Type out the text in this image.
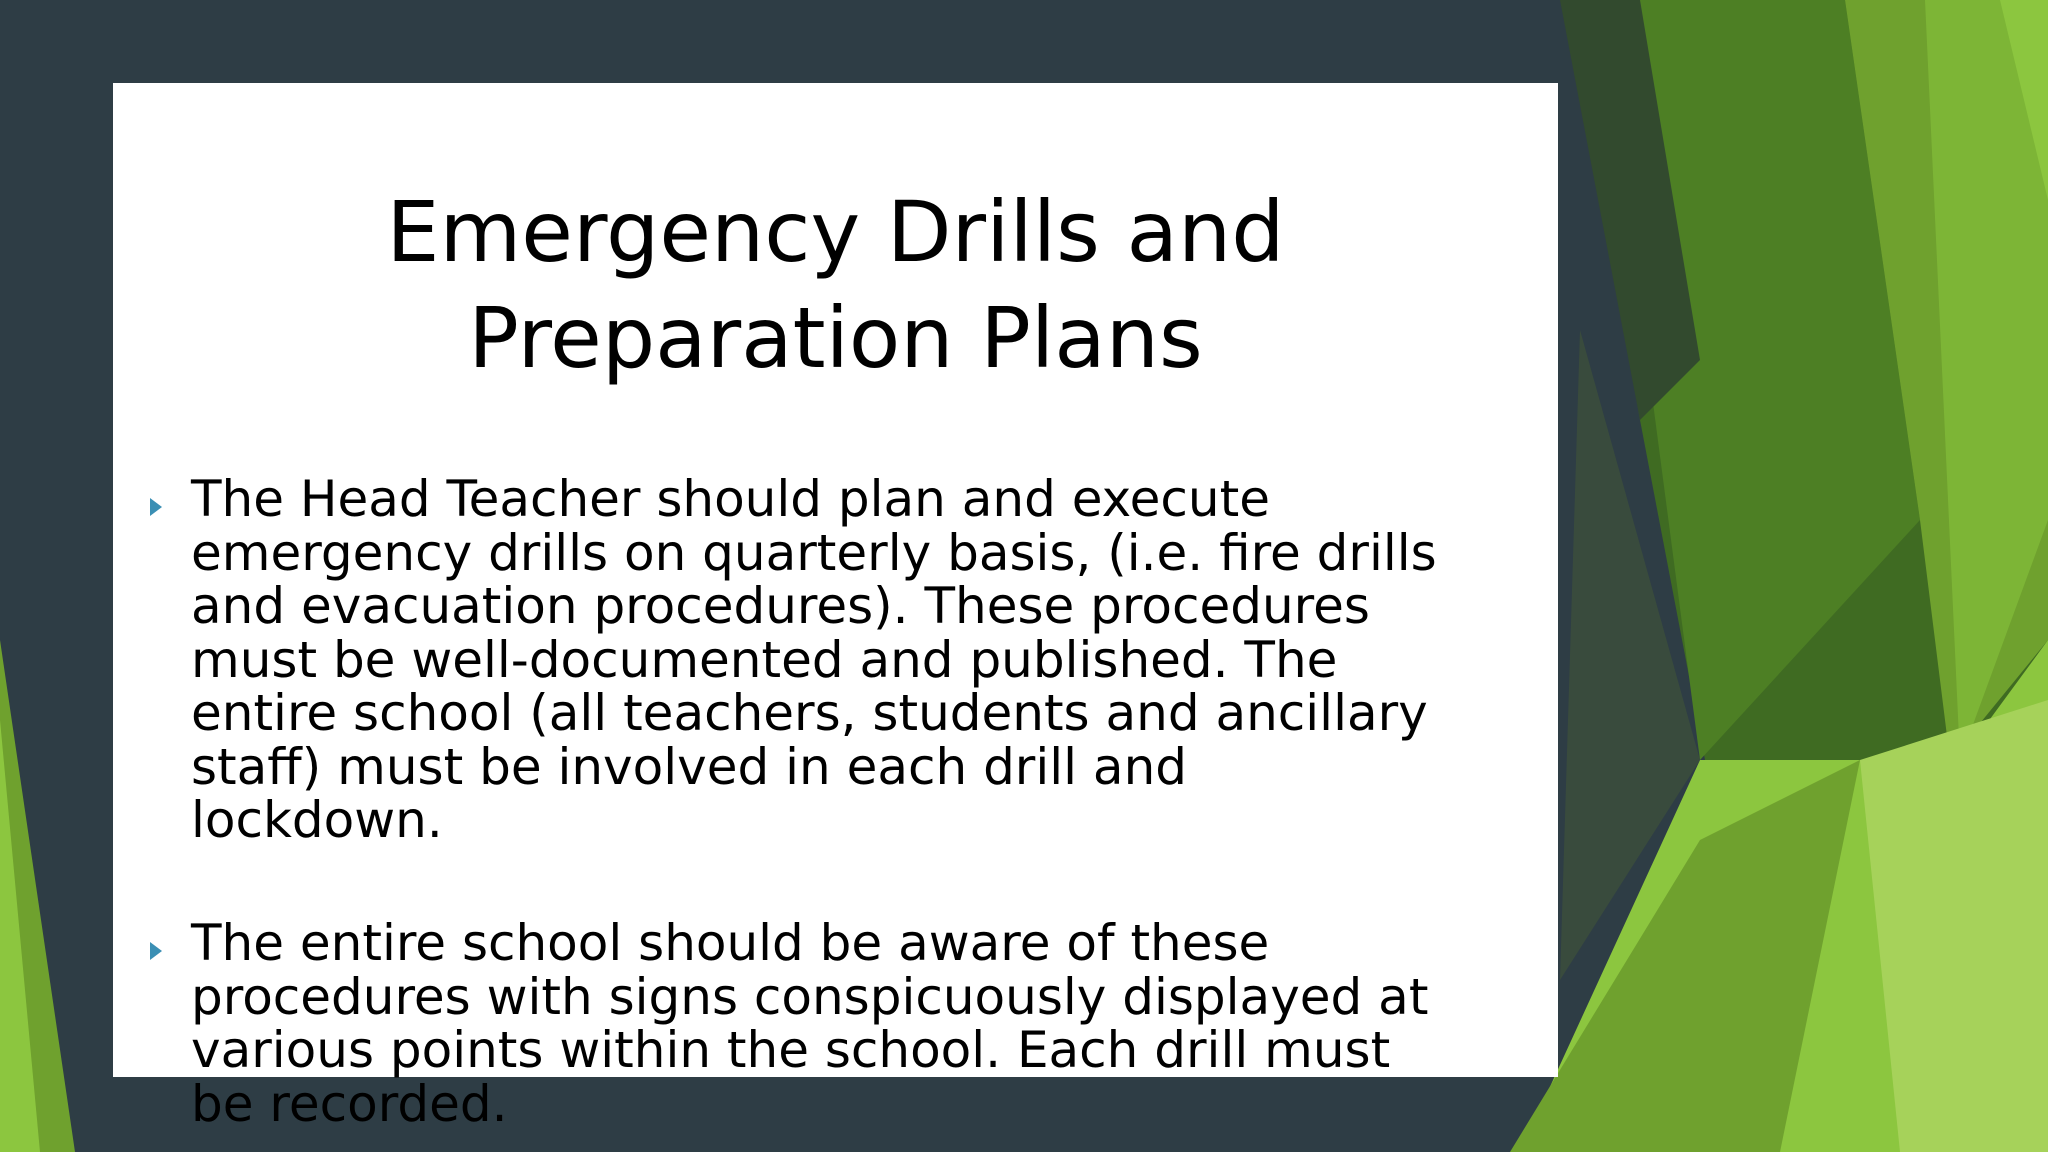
Emergency Drills and
Preparation Plans

The Head Teacher should plan and execute
emergency drills on quarterly basis, (i.e. fire drills
and evacuation procedures). These procedures
must be well-documented and published. The
entire school (all teachers, students and ancillary
staff) must be involved in each drill and
lockdown.

The entire school should be aware of these
procedures with signs conspicuously displayed at
various points within the school. Each drill must
be recorded.
